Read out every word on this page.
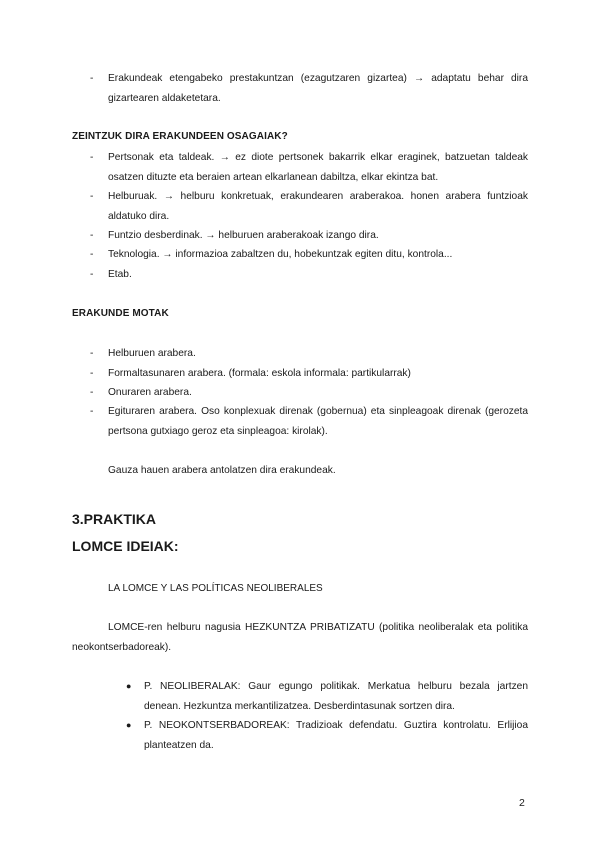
- Erakundeak etengabeko prestakuntzan (ezagutzaren gizartea) → adaptatu behar dira gizartearen aldaketetara.
ZEINTZUK DIRA ERAKUNDEEN OSAGAIAK?
- Pertsonak eta taldeak. → ez diote pertsonek bakarrik elkar eraginek, batzuetan taldeak osatzen dituzte eta beraien artean elkarlanean dabiltza, elkar ekintza bat.
- Helburuak. → helburu konkretuak, erakundearen araberakoa. honen arabera funtzioak aldatuko dira.
- Funtzio desberdinak. → helburuen araberakoak izango dira.
- Teknologia. → informazioa zabaltzen du, hobekuntzak egiten ditu, kontrola...
- Etab.
ERAKUNDE MOTAK
- Helburuen arabera.
- Formaltasunaren arabera. (formala: eskola informala: partikularrak)
- Onuraren arabera.
- Egituraren arabera. Oso konplexuak direnak (gobernua) eta sinpleagoak direnak (gerozeta pertsona gutxiago geroz eta sinpleagoa: kirolak).
Gauza hauen arabera antolatzen dira erakundeak.
3.PRAKTIKA
LOMCE IDEIAK:
LA LOMCE Y LAS POLÍTICAS NEOLIBERALES
LOMCE-ren helburu nagusia HEZKUNTZA PRIBATIZATU (politika neoliberalak eta politika neokontserbadoreak).
● P. NEOLIBERALAK: Gaur egungo politikak. Merkatua helburu bezala jartzen denean. Hezkuntza merkantilizatzea. Desberdintasunak sortzen dira.
● P. NEOKONTSERBADOREAK: Tradizioak defendatu. Guztira kontrolatu. Erlijioa planteatzen da.
2
